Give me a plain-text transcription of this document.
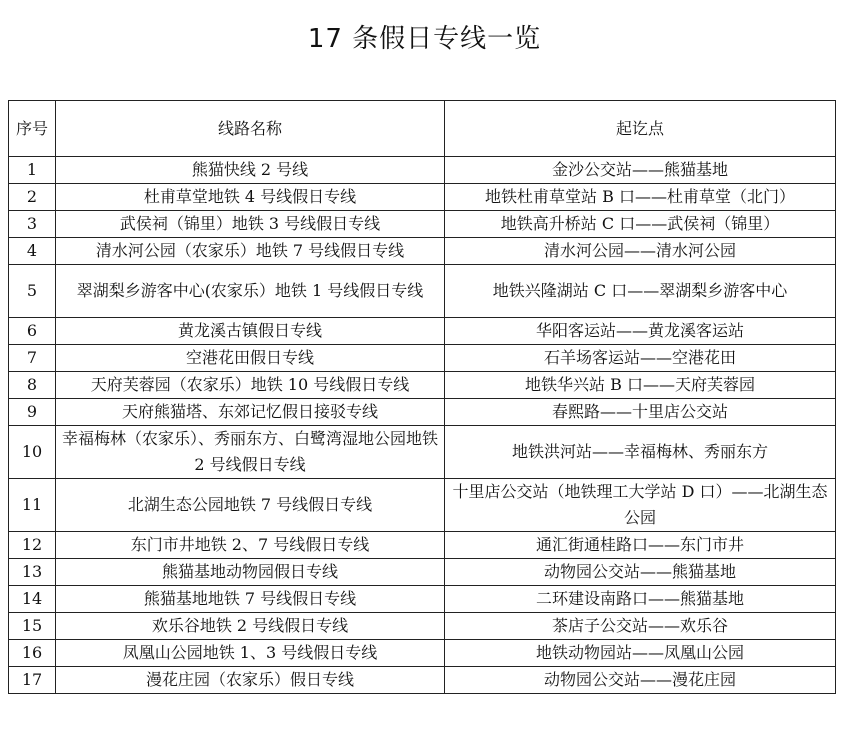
17 条假日专线一览
序号	线路名称	起讫点
1	熊猫快线 2 号线	金沙公交站——熊猫基地
2	杜甫草堂地铁 4 号线假日专线	地铁杜甫草堂站 B 口——杜甫草堂（北门）
3	武侯祠（锦里）地铁 3 号线假日专线	地铁高升桥站 C 口——武侯祠（锦里）
4	清水河公园（农家乐）地铁 7 号线假日专线	清水河公园——清水河公园
5	翠湖梨乡游客中心(农家乐）地铁 1 号线假日专线	地铁兴隆湖站 C 口——翠湖梨乡游客中心
6	黄龙溪古镇假日专线	华阳客运站——黄龙溪客运站
7	空港花田假日专线	石羊场客运站——空港花田
8	天府芙蓉园（农家乐）地铁 10 号线假日专线	地铁华兴站 B 口——天府芙蓉园
9	天府熊猫塔、东郊记忆假日接驳专线	春熙路——十里店公交站
10	幸福梅林（农家乐）、秀丽东方、白鹭湾湿地公园地铁 2 号线假日专线	地铁洪河站——幸福梅林、秀丽东方
11	北湖生态公园地铁 7 号线假日专线	十里店公交站（地铁理工大学站 D 口）——北湖生态公园
12	东门市井地铁 2、7 号线假日专线	通汇街通桂路口——东门市井
13	熊猫基地动物园假日专线	动物园公交站——熊猫基地
14	熊猫基地地铁 7 号线假日专线	二环建设南路口——熊猫基地
15	欢乐谷地铁 2 号线假日专线	茶店子公交站——欢乐谷
16	凤凰山公园地铁 1、3 号线假日专线	地铁动物园站——凤凰山公园
17	漫花庄园（农家乐）假日专线	动物园公交站——漫花庄园
